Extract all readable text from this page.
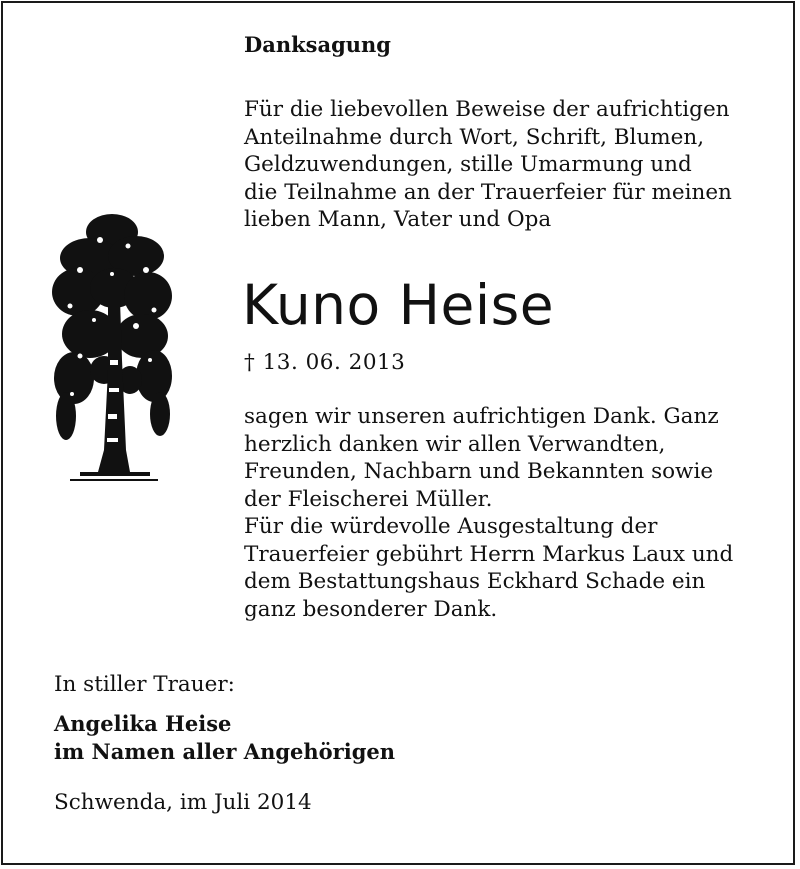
Danksagung
Für die liebevollen Beweise der aufrichtigen
Anteilnahme durch Wort, Schrift, Blumen,
Geldzuwendungen, stille Umarmung und
die Teilnahme an der Trauerfeier für meinen
lieben Mann, Vater und Opa
Kuno Heise
† 13. 06. 2013
sagen wir unseren aufrichtigen Dank. Ganz
herzlich danken wir allen Verwandten,
Freunden, Nachbarn und Bekannten sowie
der Fleischerei Müller.
Für die würdevolle Ausgestaltung der
Trauerfeier gebührt Herrn Markus Laux und
dem Bestattungshaus Eckhard Schade ein
ganz besonderer Dank.
In stiller Trauer:
Angelika Heise
im Namen aller Angehörigen
Schwenda, im Juli 2014
